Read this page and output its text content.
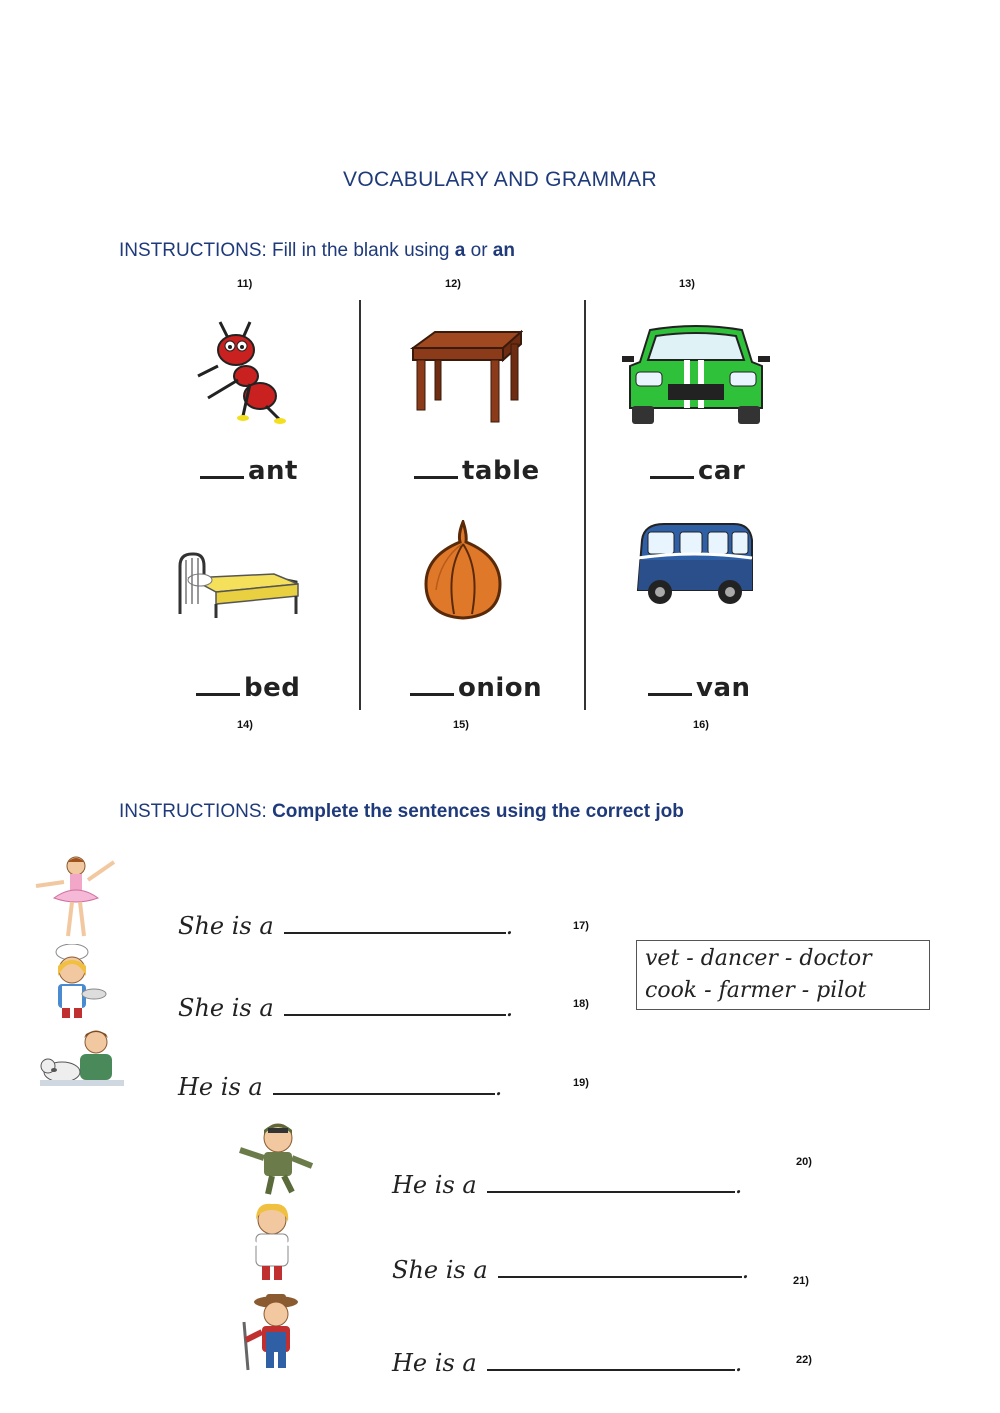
VOCABULARY AND GRAMMAR
INSTRUCTIONS: Fill in the blank using a or an
11)	12)	13)
ant	table	car
bed	onion	van
14)	15)	16)
INSTRUCTIONS: Complete the sentences using the correct job
She is a	.	17)
She is a	.	18)
He is a	.	19)
He is a	.
20)
She is a	.	21)
He is a	.	22)
vet - dancer - doctor
cook - farmer - pilot
